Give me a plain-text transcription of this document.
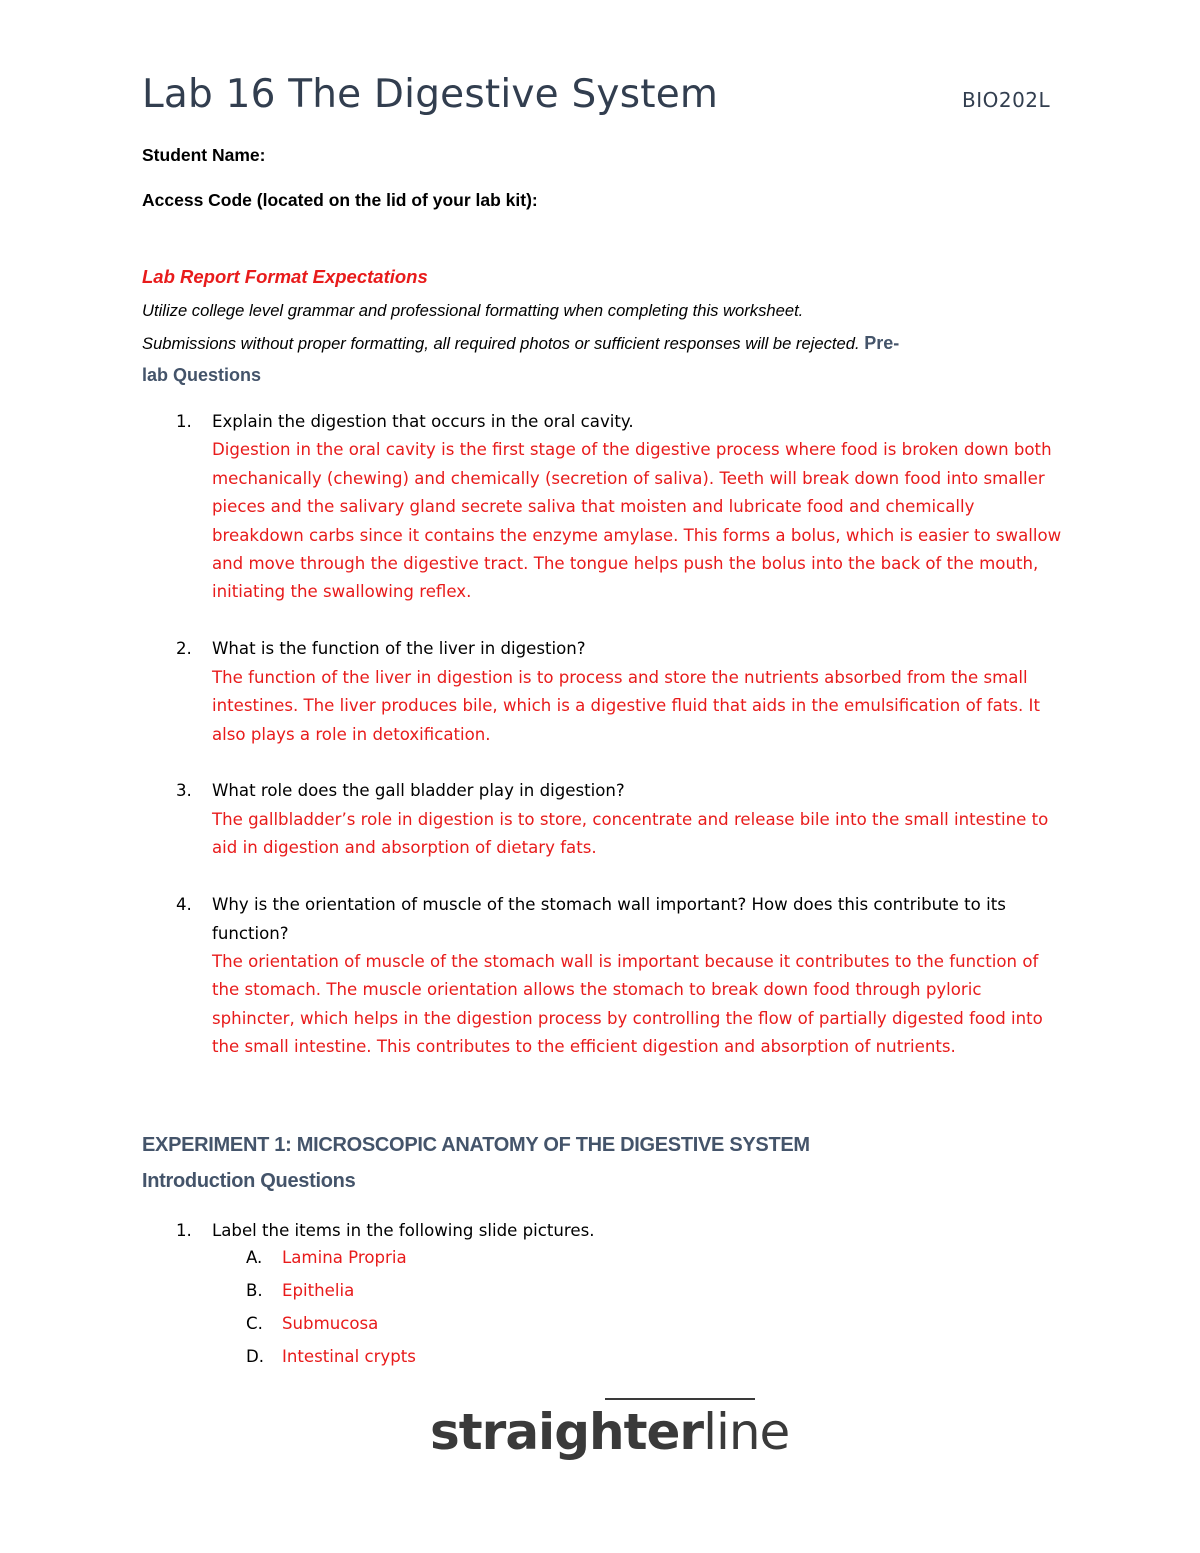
Lab 16 The Digestive System	BIO202L
Student Name:
Access Code (located on the lid of your lab kit):
Lab Report Format Expectations
Utilize college level grammar and professional formatting when completing this worksheet.
Submissions without proper formatting, all required photos or sufficient responses will be rejected. Pre-
lab Questions
1. Explain the digestion that occurs in the oral cavity.
Digestion in the oral cavity is the first stage of the digestive process where food is broken down both mechanically (chewing) and chemically (secretion of saliva). Teeth will break down food into smaller pieces and the salivary gland secrete saliva that moisten and lubricate food and chemically breakdown carbs since it contains the enzyme amylase. This forms a bolus, which is easier to swallow and move through the digestive tract. The tongue helps push the bolus into the back of the mouth, initiating the swallowing reflex.
2. What is the function of the liver in digestion?
The function of the liver in digestion is to process and store the nutrients absorbed from the small intestines. The liver produces bile, which is a digestive fluid that aids in the emulsification of fats. It also plays a role in detoxification.
3. What role does the gall bladder play in digestion?
The gallbladder’s role in digestion is to store, concentrate and release bile into the small intestine to aid in digestion and absorption of dietary fats.
4. Why is the orientation of muscle of the stomach wall important? How does this contribute to its function?
The orientation of muscle of the stomach wall is important because it contributes to the function of the stomach. The muscle orientation allows the stomach to break down food through pyloric sphincter, which helps in the digestion process by controlling the flow of partially digested food into the small intestine. This contributes to the efficient digestion and absorption of nutrients.
EXPERIMENT 1: MICROSCOPIC ANATOMY OF THE DIGESTIVE SYSTEM
Introduction Questions
1. Label the items in the following slide pictures.
A. Lamina Propria
B. Epithelia
C. Submucosa
D. Intestinal crypts
straighterline
